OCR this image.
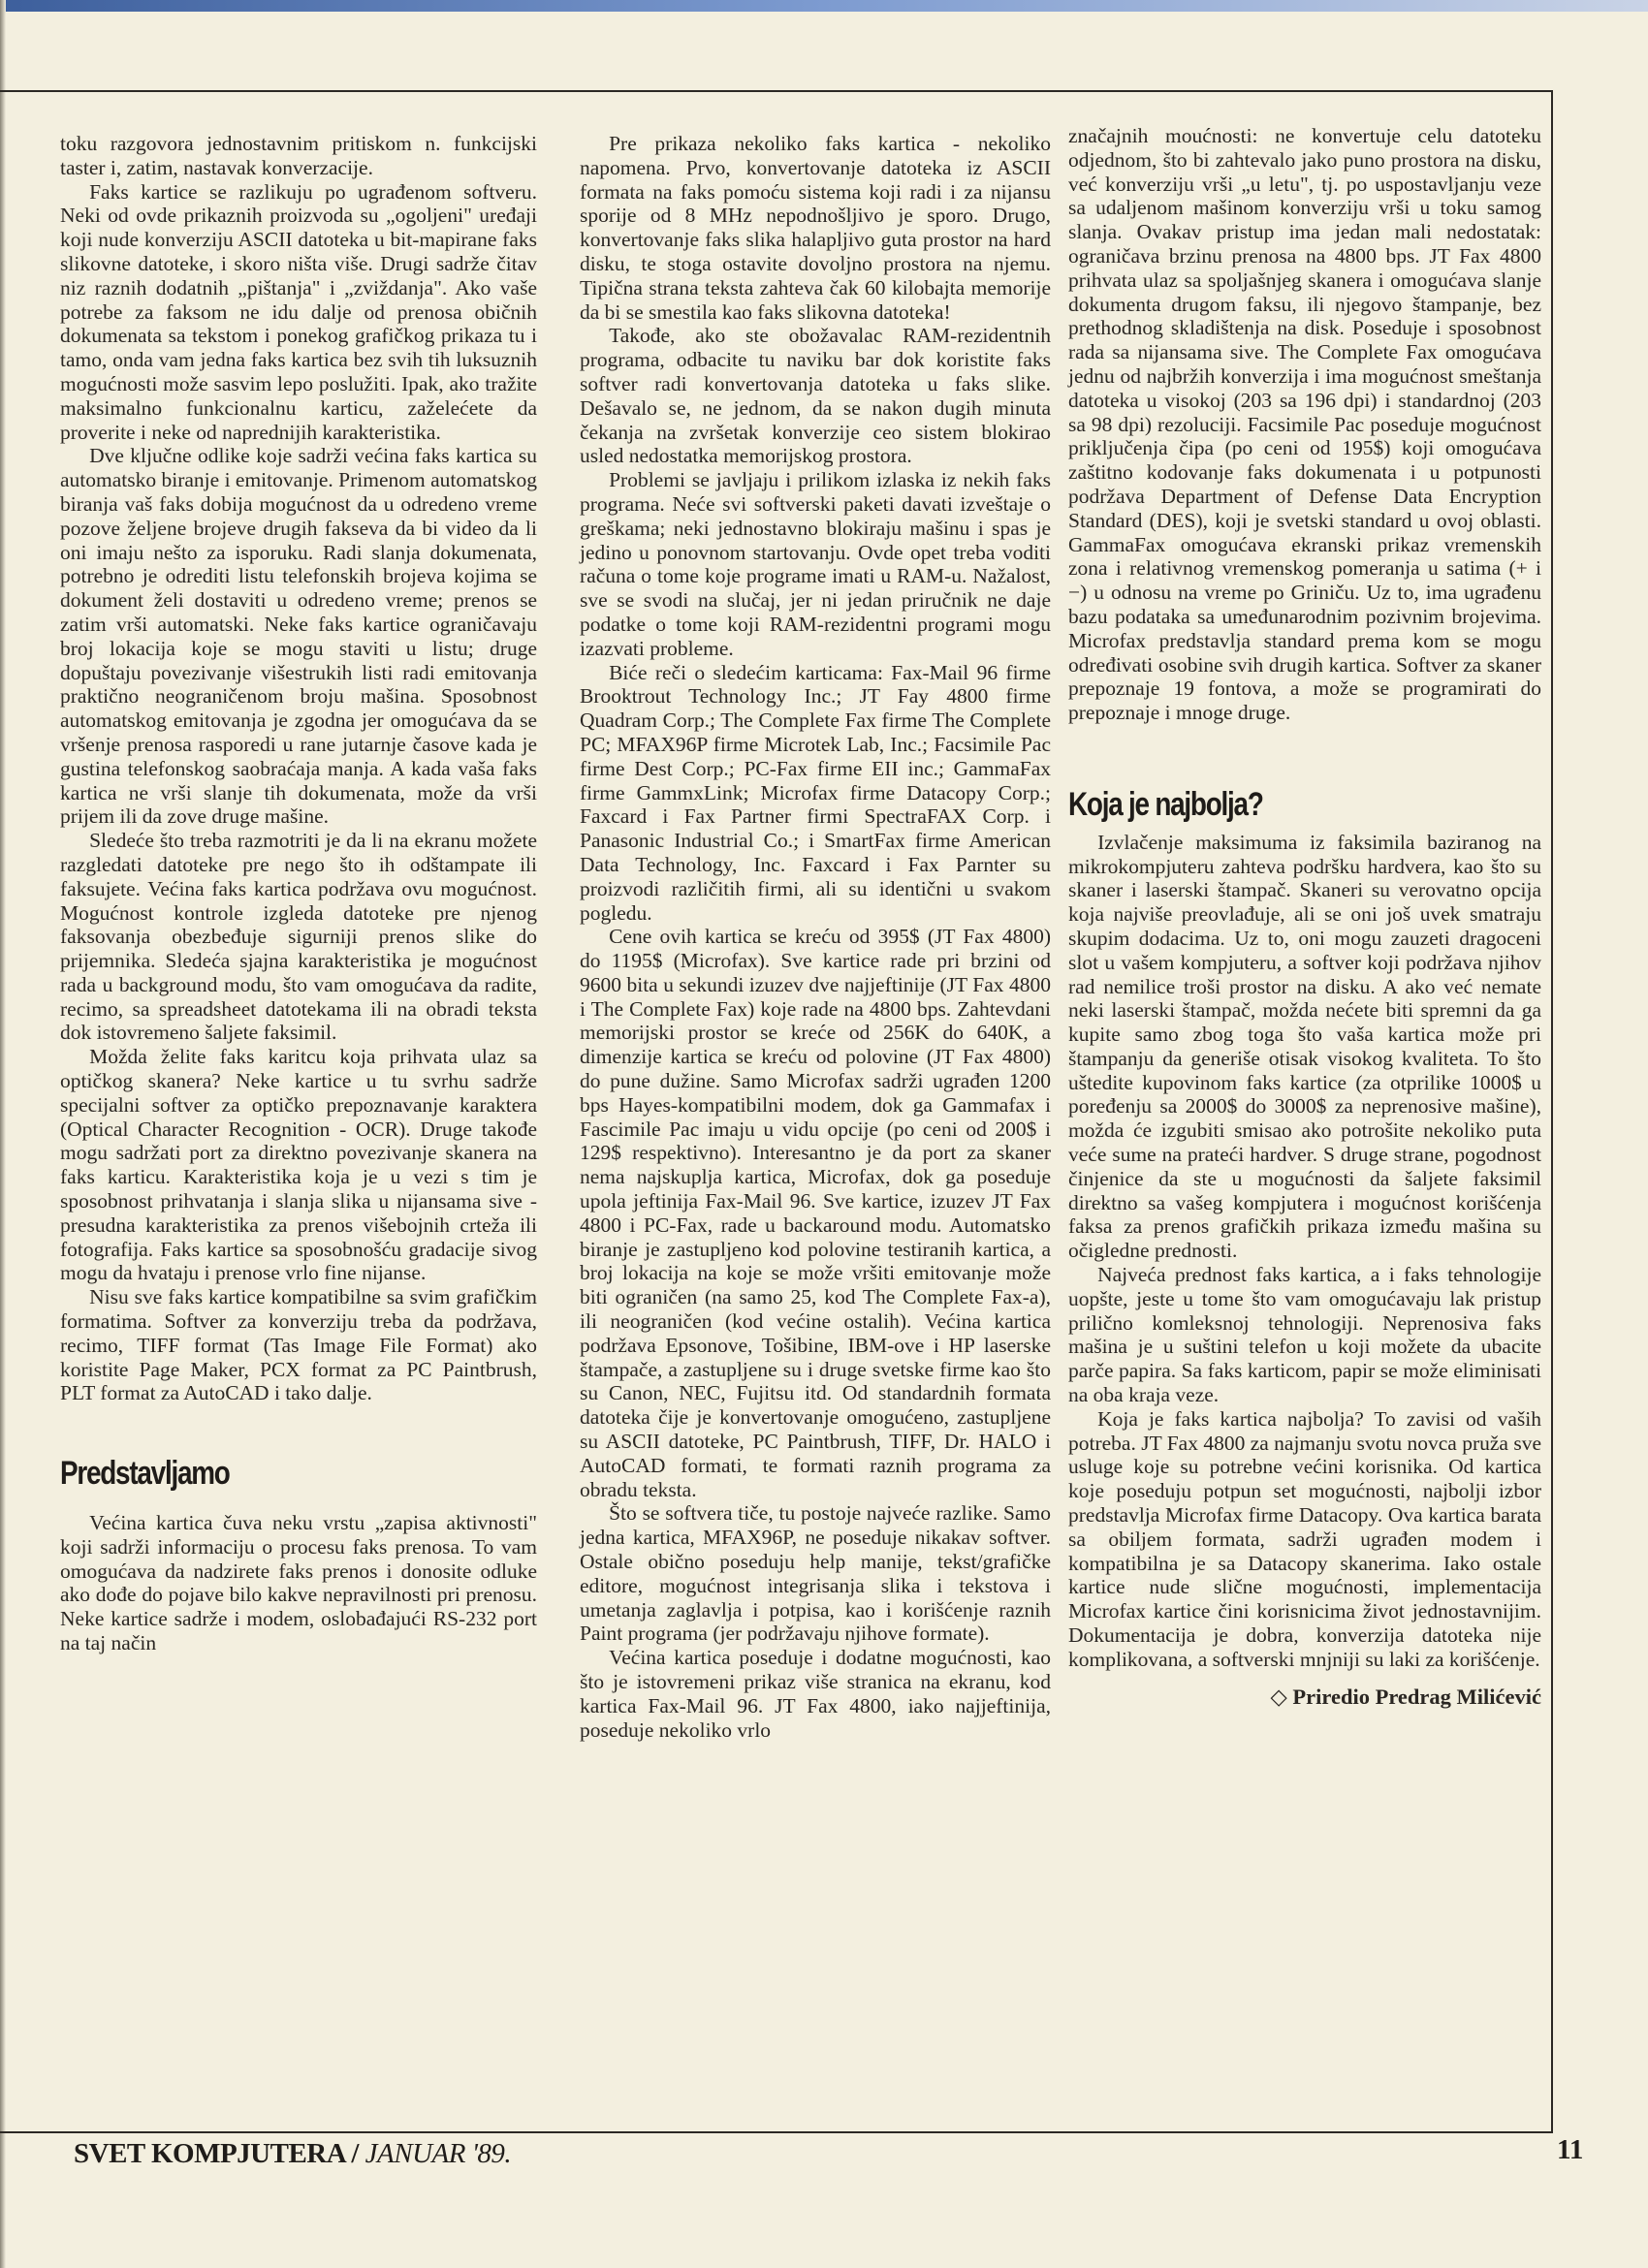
toku razgovora jednostavnim pritiskom n. funkcijski taster i, zatim, nastavak konverzacije.

Faks kartice se razlikuju po ugrađenom softveru. Neki od ovde prikaznih proizvoda su „ogoljeni" uređaji koji nude konverziju ASCII datoteka u bit-mapirane faks slikovne datoteke, i skoro ništa više. Drugi sadrže čitav niz raznih dodatnih „pištanja" i „zviždanja". Ako vaše potrebe za faksom ne idu dalje od prenosa običnih dokumenata sa tekstom i ponekog grafičkog prikaza tu i tamo, onda vam jedna faks kartica bez svih tih luksuznih mogućnosti može sasvim lepo poslužiti. Ipak, ako tražite maksimalno funkcionalnu karticu, zaželećete da proverite i neke od naprednijih karakteristika.

Dve ključne odlike koje sadrži većina faks kartica su automatsko biranje i emitovanje. Primenom automatskog biranja vaš faks dobija mogućnost da u odredeno vreme pozove željene brojeve drugih fakseva da bi video da li oni imaju nešto za isporuku. Radi slanja dokumenata, potrebno je odrediti listu telefonskih brojeva kojima se dokument želi dostaviti u odredeno vreme; prenos se zatim vrši automatski. Neke faks kartice ograničavaju broj lokacija koje se mogu staviti u listu; druge dopuštaju povezivanje višestrukih listi radi emitovanja praktično neograničenom broju mašina. Sposobnost automatskog emitovanja je zgodna jer omogućava da se vršenje prenosa rasporedi u rane jutarnje časove kada je gustina telefonskog saobraćaja manja. A kada vaša faks kartica ne vrši slanje tih dokumenata, može da vrši prijem ili da zove druge mašine.

Sledeće što treba razmotriti je da li na ekranu možete razgledati datoteke pre nego što ih odštampate ili faksujete. Većina faks kartica podržava ovu mogućnost. Mogućnost kontrole izgleda datoteke pre njenog faksovanja obezbeđuje sigurniji prenos slike do prijemnika. Sledeća sjajna karakteristika je mogućnost rada u background modu, što vam omogućava da radite, recimo, sa spreadsheet datotekama ili na obradi teksta dok istovremeno šaljete faksimil.

Možda želite faks karitcu koja prihvata ulaz sa optičkog skanera? Neke kartice u tu svrhu sadrže specijalni softver za optičko prepoznavanje karaktera (Optical Character Recognition - OCR). Druge takođe mogu sadržati port za direktno povezivanje skanera na faks karticu. Karakteristika koja je u vezi s tim je sposobnost prihvatanja i slanja slika u nijansama sive - presudna karakteristika za prenos višebojnih crteža ili fotografija. Faks kartice sa sposobnošću gradacije sivog mogu da hvataju i prenose vrlo fine nijanse.

Nisu sve faks kartice kompatibilne sa svim grafičkim formatima. Softver za konverziju treba da podržava, recimo, TIFF format (Tas Image File Format) ako koristite Page Maker, PCX format za PC Paintbrush, PLT format za AutoCAD i tako dalje.

Predstavljamo

Većina kartica čuva neku vrstu „zapisa aktivnosti" koji sadrži informaciju o procesu faks prenosa. To vam omogućava da nadzirete faks prenos i donosite odluke ako dođe do pojave bilo kakve nepravilnosti pri prenosu. Neke kartice sadrže i modem, oslobađajući RS-232 port na taj način

Pre prikaza nekoliko faks kartica - nekoliko napomena. Prvo, konvertovanje datoteka iz ASCII formata na faks pomoću sistema koji radi i za nijansu sporije od 8 MHz nepodnošljivo je sporo. Drugo, konvertovanje faks slika halapljivo guta prostor na hard disku, te stoga ostavite dovoljno prostora na njemu. Tipična strana teksta zahteva čak 60 kilobajta memorije da bi se smestila kao faks slikovna datoteka!

Takođe, ako ste obožavalac RAM-rezidentnih programa, odbacite tu naviku bar dok koristite faks softver radi konvertovanja datoteka u faks slike. Dešavalo se, ne jednom, da se nakon dugih minuta čekanja na zvršetak konverzije ceo sistem blokirao usled nedostatka memorijskog prostora.

Problemi se javljaju i prilikom izlaska iz nekih faks programa. Neće svi softverski paketi davati izveštaje o greškama; neki jednostavno blokiraju mašinu i spas je jedino u ponovnom startovanju. Ovde opet treba voditi računa o tome koje programe imati u RAM-u. Nažalost, sve se svodi na slučaj, jer ni jedan priručnik ne daje podatke o tome koji RAM-rezidentni programi mogu izazvati probleme.

Biće reči o sledećim karticama: Fax-Mail 96 firme Brooktrout Technology Inc.; JT Fay 4800 firme Quadram Corp.; The Complete Fax firme The Complete PC; MFAX96P firme Microtek Lab, Inc.; Facsimile Pac firme Dest Corp.; PC-Fax firme EII inc.; GammaFax firme GammxLink; Microfax firme Datacopy Corp.; Faxcard i Fax Partner firmi SpectraFAX Corp. i Panasonic Industrial Co.; i SmartFax firme American Data Technology, Inc. Faxcard i Fax Parnter su proizvodi različitih firmi, ali su identični u svakom pogledu.

Cene ovih kartica se kreću od 395$ (JT Fax 4800) do 1195$ (Microfax). Sve kartice rade pri brzini od 9600 bita u sekundi izuzev dve najjeftinije (JT Fax 4800 i The Complete Fax) koje rade na 4800 bps. Zahtevdani memorijski prostor se kreće od 256K do 640K, a dimenzije kartica se kreću od polovine (JT Fax 4800) do pune dužine. Samo Microfax sadrži ugrađen 1200 bps Hayes-kompatibilni modem, dok ga Gammafax i Fascimile Pac imaju u vidu opcije (po ceni od 200$ i 129$ respektivno). Interesantno je da port za skaner nema najskuplja kartica, Microfax, dok ga poseduje upola jeftinija Fax-Mail 96. Sve kartice, izuzev JT Fax 4800 i PC-Fax, rade u backaround modu. Automatsko biranje je zastupljeno kod polovine testiranih kartica, a broj lokacija na koje se može vršiti emitovanje može biti ograničen (na samo 25, kod The Complete Fax-a), ili neograničen (kod većine ostalih). Većina kartica podržava Epsonove, Tošibine, IBM-ove i HP laserske štampače, a zastupljene su i druge svetske firme kao što su Canon, NEC, Fujitsu itd. Od standardnih formata datoteka čije je konvertovanje omogućeno, zastupljene su ASCII datoteke, PC Paintbrush, TIFF, Dr. HALO i AutoCAD formati, te formati raznih programa za obradu teksta.

Što se softvera tiče, tu postoje najveće razlike. Samo jedna kartica, MFAX96P, ne poseduje nikakav softver. Ostale obično poseduju help manije, tekst/grafičke editore, mogućnost integrisanja slika i tekstova i umetanja zaglavlja i potpisa, kao i korišćenje raznih Paint programa (jer podržavaju njihove formate).

Većina kartica poseduje i dodatne mogućnosti, kao što je istovremeni prikaz više stranica na ekranu, kod kartica Fax-Mail 96. JT Fax 4800, iako najjeftinija, poseduje nekoliko vrlo

značajnih moućnosti: ne konvertuje celu datoteku odjednom, što bi zahtevalo jako puno prostora na disku, već konverziju vrši „u letu", tj. po uspostavljanju veze sa udaljenom mašinom konverziju vrši u toku samog slanja. Ovakav pristup ima jedan mali nedostatak: ograničava brzinu prenosa na 4800 bps. JT Fax 4800 prihvata ulaz sa spoljašnjeg skanera i omogućava slanje dokumenta drugom faksu, ili njegovo štampanje, bez prethodnog skladištenja na disk. Poseduje i sposobnost rada sa nijansama sive. The Complete Fax omogućava jednu od najbržih konverzija i ima mogućnost smeštanja datoteka u visokoj (203 sa 196 dpi) i standardnoj (203 sa 98 dpi) rezoluciji. Facsimile Pac poseduje mogućnost priključenja čipa (po ceni od 195$) koji omogućava zaštitno kodovanje faks dokumenata i u potpunosti podržava Department of Defense Data Encryption Standard (DES), koji je svetski standard u ovoj oblasti. GammaFax omogućava ekranski prikaz vremenskih zona i relativnog vremenskog pomeranja u satima (+ i −) u odnosu na vreme po Griniču. Uz to, ima ugrađenu bazu podataka sa umeđunarodnim pozivnim brojevima. Microfax predstavlja standard prema kom se mogu određivati osobine svih drugih kartica. Softver za skaner prepoznaje 19 fontova, a može se programirati do prepoznaje i mnoge druge.

Koja je najbolja?

Izvlačenje maksimuma iz faksimila baziranog na mikrokompjuteru zahteva podršku hardvera, kao što su skaner i laserski štampač. Skaneri su verovatno opcija koja najviše preovlađuje, ali se oni još uvek smatraju skupim dodacima. Uz to, oni mogu zauzeti dragoceni slot u vašem kompjuteru, a softver koji podržava njihov rad nemilice troši prostor na disku. A ako već nemate neki laserski štampač, možda nećete biti spremni da ga kupite samo zbog toga što vaša kartica može pri štampanju da generiše otisak visokog kvaliteta. To što uštedite kupovinom faks kartice (za otprilike 1000$ u poređenju sa 2000$ do 3000$ za neprenosive mašine), možda će izgubiti smisao ako potrošite nekoliko puta veće sume na prateći hardver. S druge strane, pogodnost činjenice da ste u mogućnosti da šaljete faksimil direktno sa vašeg kompjutera i mogućnost korišćenja faksa za prenos grafičkih prikaza između mašina su očigledne prednosti.

Najveća prednost faks kartica, a i faks tehnologije uopšte, jeste u tome što vam omogućavaju lak pristup prilično komleksnoj tehnologiji. Neprenosiva faks mašina je u suštini telefon u koji možete da ubacite parče papira. Sa faks karticom, papir se može eliminisati na oba kraja veze.

Koja je faks kartica najbolja? To zavisi od vaših potreba. JT Fax 4800 za najmanju svotu novca pruža sve usluge koje su potrebne većini korisnika. Od kartica koje poseduju potpun set mogućnosti, najbolji izbor predstavlja Microfax firme Datacopy. Ova kartica barata sa obiljem formata, sadrži ugrađen modem i kompatibilna je sa Datacopy skanerima. Iako ostale kartice nude slične mogućnosti, implementacija Microfax kartice čini korisnicima život jednostavnijim. Dokumentacija je dobra, konverzija datoteka nije komplikovana, a softverski mnjniji su laki za korišćenje.

◇ Priredio Predrag Milićević
SVET KOMPJUTERA / JANUAR '89.	11
